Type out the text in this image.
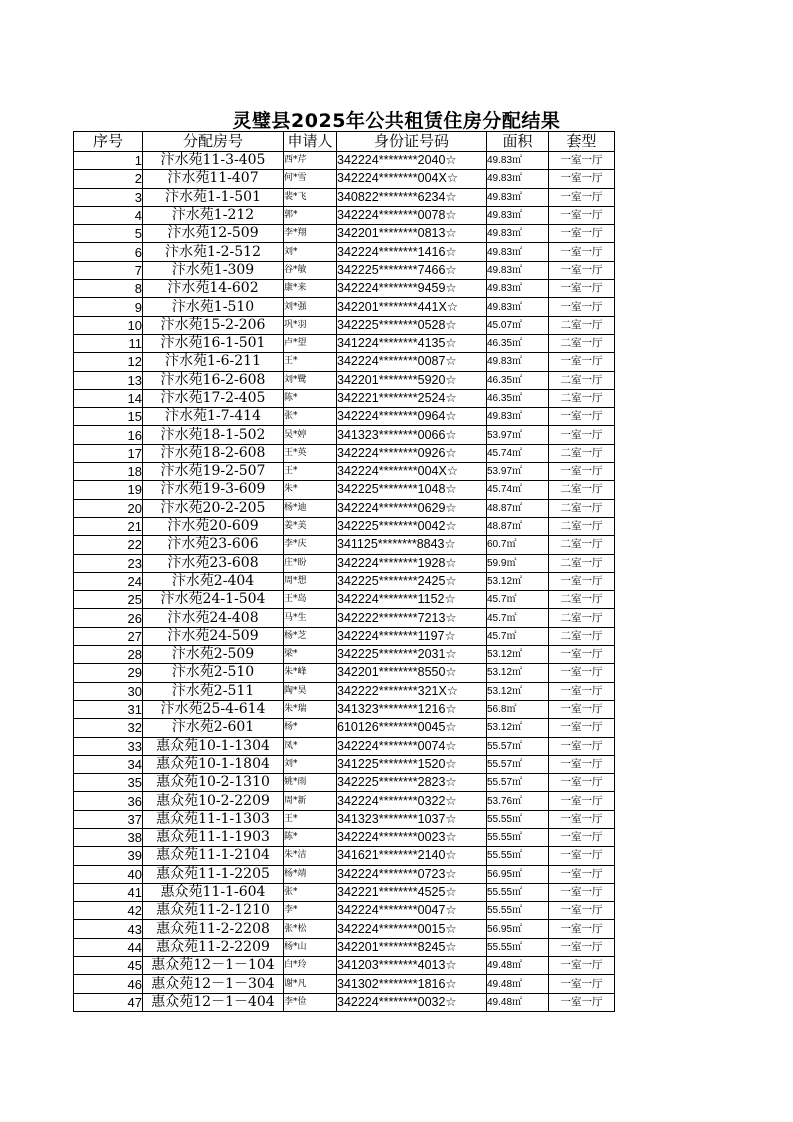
灵璧县2025年公共租赁住房分配结果
序号	分配房号	申请人	身份证号码	面积	套型
1	汴水苑11-3-405	西*芹	342224********2040☆	49.83㎡	一室一厅
2	汴水苑11-407	何*雪	342224********004X☆	49.83㎡	一室一厅
3	汴水苑1-1-501	裴*飞	340822********6234☆	49.83㎡	一室一厅
4	汴水苑1-212	郭*	342224********0078☆	49.83㎡	一室一厅
5	汴水苑12-509	李*翔	342201********0813☆	49.83㎡	一室一厅
6	汴水苑1-2-512	刘*	342224********1416☆	49.83㎡	一室一厅
7	汴水苑1-309	谷*敏	342225********7466☆	49.83㎡	一室一厅
8	汴水苑14-602	康*来	342224********9459☆	49.83㎡	一室一厅
9	汴水苑1-510	刘*强	342201********441X☆	49.83㎡	一室一厅
10	汴水苑15-2-206	巩*羽	342225********0528☆	45.07㎡	二室一厅
11	汴水苑16-1-501	卢*望	341224********4135☆	46.35㎡	二室一厅
12	汴水苑1-6-211	王*	342224********0087☆	49.83㎡	一室一厅
13	汴水苑16-2-608	刘*鹭	342201********5920☆	46.35㎡	二室一厅
14	汴水苑17-2-405	陈*	342221********2524☆	46.35㎡	二室一厅
15	汴水苑1-7-414	张*	342224********0964☆	49.83㎡	一室一厅
16	汴水苑18-1-502	吴*婷	341323********0066☆	53.97㎡	一室一厅
17	汴水苑18-2-608	王*英	342224********0926☆	45.74㎡	二室一厅
18	汴水苑19-2-507	王*	342224********004X☆	53.97㎡	一室一厅
19	汴水苑19-3-609	朱*	342225********1048☆	45.74㎡	二室一厅
20	汴水苑20-2-205	杨*迪	342224********0629☆	48.87㎡	二室一厅
21	汴水苑20-609	姜*美	342225********0042☆	48.87㎡	二室一厅
22	汴水苑23-606	李*庆	341125********8843☆	60.7㎡	二室一厅
23	汴水苑23-608	庄*盼	342224********1928☆	59.9㎡	二室一厅
24	汴水苑2-404	周*想	342225********2425☆	53.12㎡	一室一厅
25	汴水苑24-1-504	王*岛	342224********1152☆	45.7㎡	二室一厅
26	汴水苑24-408	马*生	342222********7213☆	45.7㎡	二室一厅
27	汴水苑24-509	杨*芝	342224********1197☆	45.7㎡	二室一厅
28	汴水苑2-509	梁*	342225********2031☆	53.12㎡	一室一厅
29	汴水苑2-510	朱*峰	342201********8550☆	53.12㎡	一室一厅
30	汴水苑2-511	陶*昊	342222********321X☆	53.12㎡	一室一厅
31	汴水苑25-4-614	朱*瑞	341323********1216☆	56.8㎡	一室一厅
32	汴水苑2-601	杨*	610126********0045☆	53.12㎡	一室一厅
33	惠众苑10-1-1304	凤*	342224********0074☆	55.57㎡	一室一厅
34	惠众苑10-1-1804	刘*	341225********1520☆	55.57㎡	一室一厅
35	惠众苑10-2-1310	姚*雨	342225********2823☆	55.57㎡	一室一厅
36	惠众苑10-2-2209	周*新	342224********0322☆	53.76㎡	一室一厅
37	惠众苑11-1-1303	王*	341323********1037☆	55.55㎡	一室一厅
38	惠众苑11-1-1903	陈*	342224********0023☆	55.55㎡	一室一厅
39	惠众苑11-1-2104	朱*洁	341621********2140☆	55.55㎡	一室一厅
40	惠众苑11-1-2205	杨*靖	342224********0723☆	56.95㎡	一室一厅
41	惠众苑11-1-604	张*	342221********4525☆	55.55㎡	一室一厅
42	惠众苑11-2-1210	李*	342224********0047☆	55.55㎡	一室一厅
43	惠众苑11-2-2208	张*松	342224********0015☆	56.95㎡	一室一厅
44	惠众苑11-2-2209	杨*山	342201********8245☆	55.55㎡	一室一厅
45	惠众苑12－1－104	白*玲	341203********4013☆	49.48㎡	一室一厅
46	惠众苑12－1－304	谢*凡	341302********1816☆	49.48㎡	一室一厅
47	惠众苑12－1－404	李*俭	342224********0032☆	49.48㎡	一室一厅
